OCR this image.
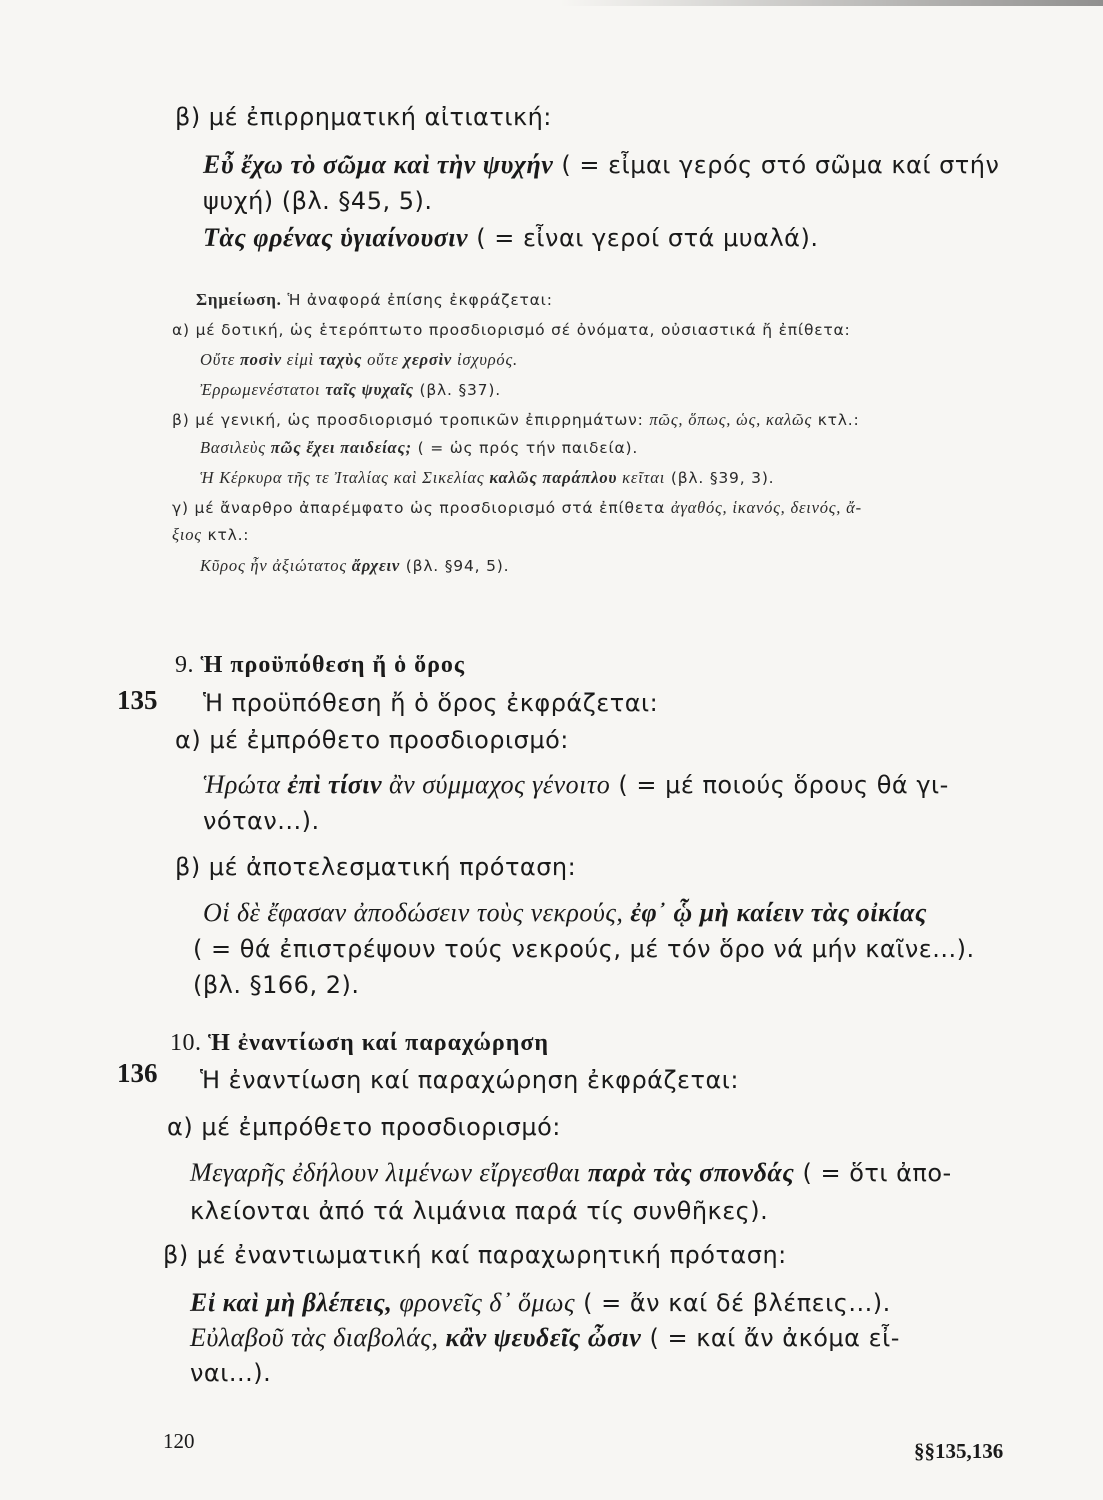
β) μέ ἐπιρρηματική αἰτιατική:
Εὖ ἔχω τὸ σῶμα καὶ τὴν ψυχήν ( = εἶμαι γερός στό σῶμα καί στήν
ψυχή) (βλ. §45, 5).
Τὰς φρένας ὑγιαίνουσιν ( = εἶναι γεροί στά μυαλά).
Σημείωση. Ἡ ἀναφορά ἐπίσης ἐκφράζεται:
α) μέ δοτική, ὡς ἑτερόπτωτο προσδιορισμό σέ ὀνόματα, οὐσιαστικά ἤ ἐπίθετα:
Οὔτε ποσὶν εἰμὶ ταχὺς οὔτε χερσὶν ἰσχυρός.
Ἐρρωμενέστατοι ταῖς ψυχαῖς (βλ. §37).
β) μέ γενική, ὡς προσδιορισμό τροπικῶν ἐπιρρημάτων: πῶς, ὅπως, ὡς, καλῶς κτλ.:
Βασιλεὺς πῶς ἔχει παιδείας; ( = ὡς πρός τήν παιδεία).
Ἡ Κέρκυρα τῆς τε Ἰταλίας καὶ Σικελίας καλῶς παράπλου κεῖται (βλ. §39, 3).
γ) μέ ἄναρθρο ἀπαρέμφατο ὡς προσδιορισμό στά ἐπίθετα ἀγαθός, ἱκανός, δεινός, ἄ-
ξιος κτλ.:
Κῦρος ἦν ἀξιώτατος ἄρχειν (βλ. §94, 5).
9. Ἡ προϋπόθεση ἤ ὁ ὅρος
135 Ἡ προϋπόθεση ἤ ὁ ὅρος ἐκφράζεται:
α) μέ ἐμπρόθετο προσδιορισμό:
Ἡρώτα ἐπὶ τίσιν ἂν σύμμαχος γένοιτο ( = μέ ποιούς ὅρους θά γι-
νόταν...).
β) μέ ἀποτελεσματική πρόταση:
Οἱ δὲ ἔφασαν ἀποδώσειν τοὺς νεκρούς, ἐφ᾽ ᾧ μὴ καίειν τὰς οἰκίας
( = θά ἐπιστρέψουν τούς νεκρούς, μέ τόν ὅρο νά μήν καῖνε...).
(βλ. §166, 2).
10. Ἡ ἐναντίωση καί παραχώρηση
136 Ἡ ἐναντίωση καί παραχώρηση ἐκφράζεται:
α) μέ ἐμπρόθετο προσδιορισμό:
Μεγαρῆς ἐδήλουν λιμένων εἴργεσθαι παρὰ τὰς σπονδάς ( = ὅτι ἀπο-
κλείονται ἀπό τά λιμάνια παρά τίς συνθῆκες).
β) μέ ἐναντιωματική καί παραχωρητική πρόταση:
Εἰ καὶ μὴ βλέπεις, φρονεῖς δ᾽ ὅμως ( = ἄν καί δέ βλέπεις...).
Εὐλαβοῦ τὰς διαβολάς, κἂν ψευδεῖς ὦσιν ( = καί ἄν ἀκόμα εἶ-
ναι...).
120	§§135,136
